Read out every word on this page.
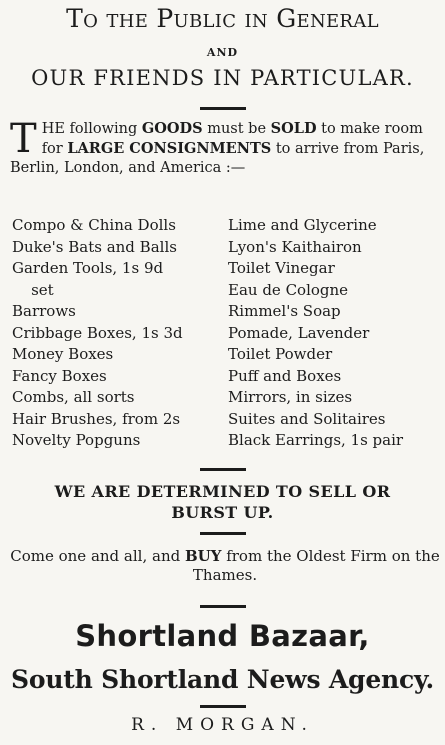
To the Public in General
AND
OUR FRIENDS IN PARTICULAR.
THE following GOODS must be SOLD to make room for LARGE CONSIGNMENTS to arrive from Paris, Berlin, London, and America :—
Compo & China Dolls	Lime and Glycerine
Duke's Bats and Balls	Lyon's Kaithairon
Garden Tools, 1s 9d	Toilet Vinegar
set	Eau de Cologne
Barrows	Rimmel's Soap
Cribbage Boxes, 1s 3d	Pomade, Lavender
Money Boxes	Toilet Powder
Fancy Boxes	Puff and Boxes
Combs, all sorts	Mirrors, in sizes
Hair Brushes, from 2s	Suites and Solitaires
Novelty Popguns	Black Earrings, 1s pair
WE ARE DETERMINED TO SELL OR
BURST UP.
Come one and all, and BUY from the Oldest Firm on the Thames.
Shortland Bazaar,
South Shortland News Agency.
R. MORGAN.
